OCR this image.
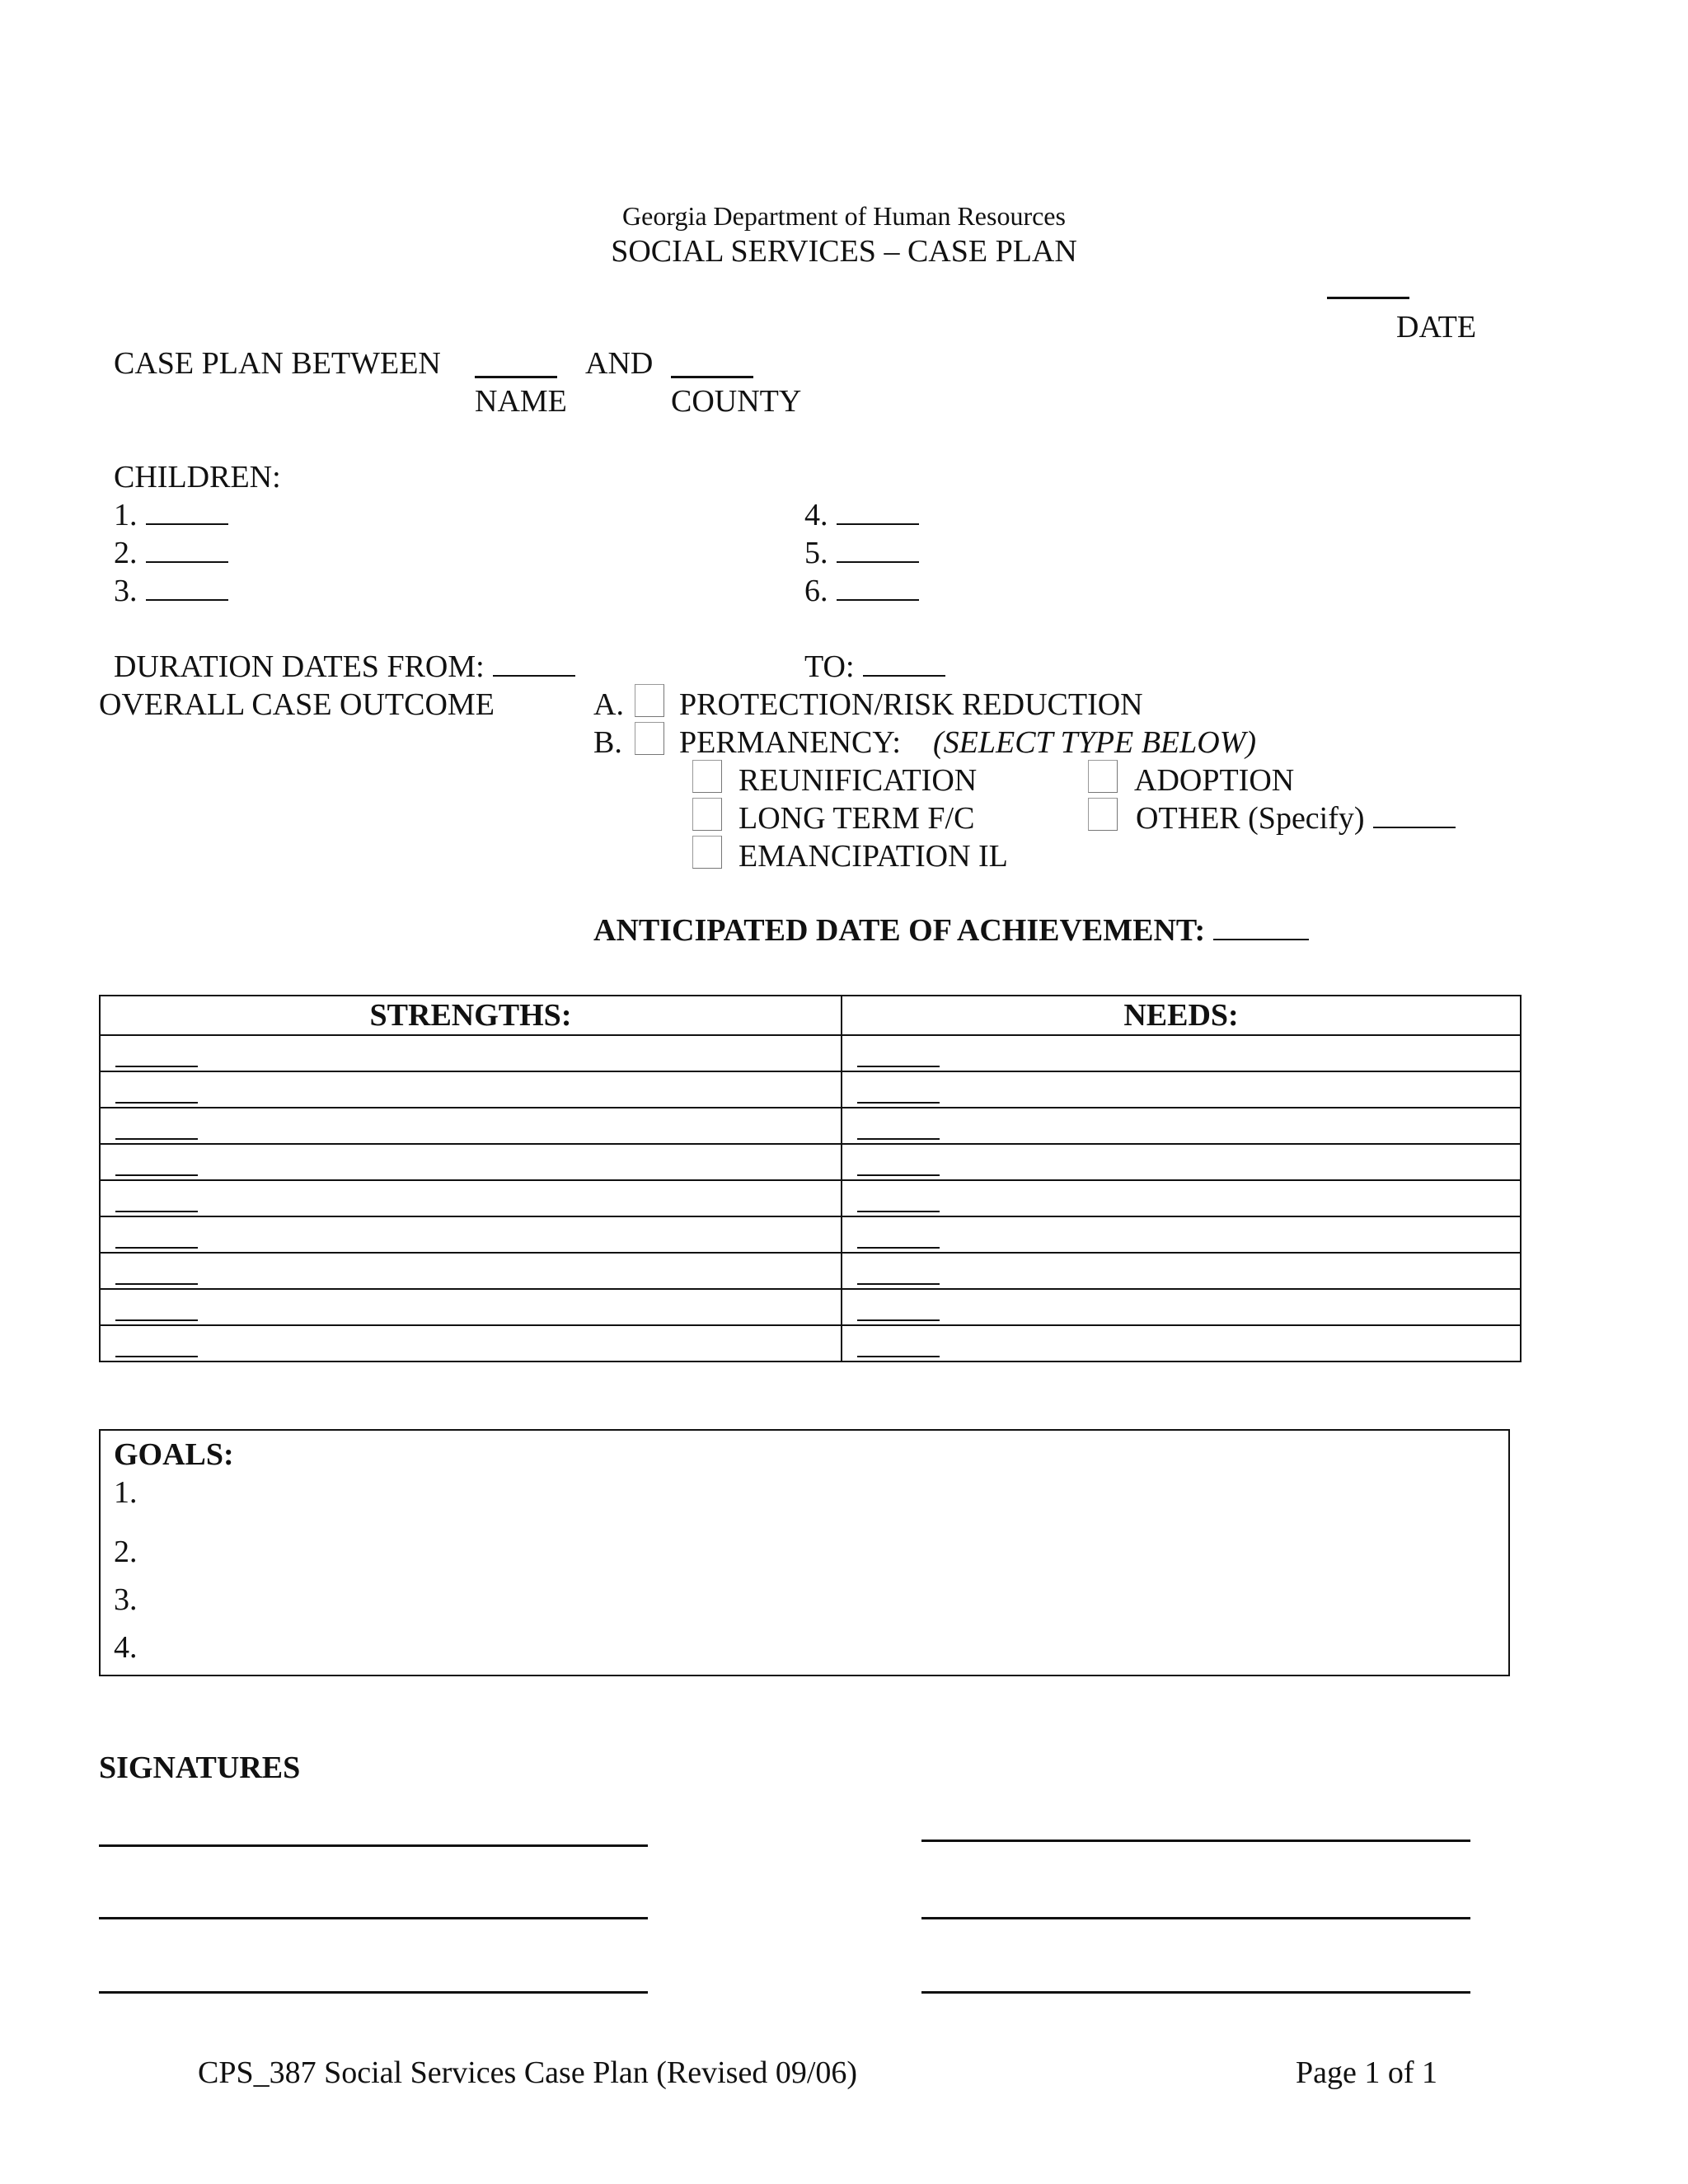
Georgia Department of Human Resources
SOCIAL SERVICES – CASE PLAN
DATE
CASE PLAN BETWEEN	AND
NAME	COUNTY
CHILDREN:
1.
2.
3.
4.
5.
6.
DURATION DATES FROM:	TO:
OVERALL CASE OUTCOME	A. PROTECTION/RISK REDUCTION
B. PERMANENCY: (SELECT TYPE BELOW)
REUNIFICATION	ADOPTION
LONG TERM F/C	OTHER (Specify)
EMANCIPATION IL
ANTICIPATED DATE OF ACHIEVEMENT:
STRENGTHS:	NEEDS:

GOALS:
1.
2.
3.
4.
SIGNATURES
CPS_387 Social Services Case Plan (Revised 09/06)	Page 1 of 1
